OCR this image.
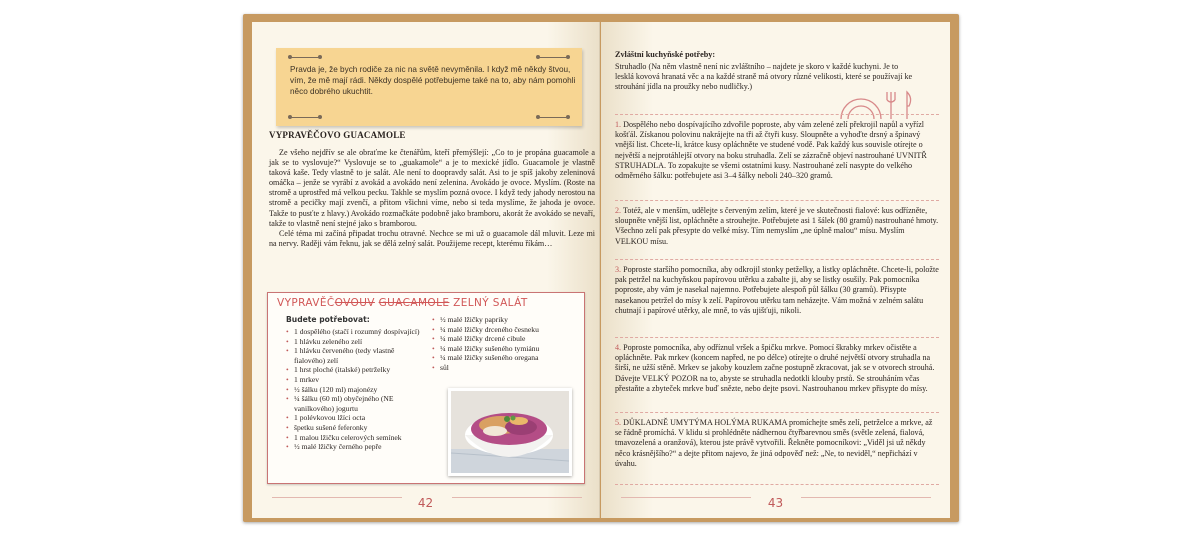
Pravda je, že bych rodiče za nic na světě nevyměnila. I když mě někdy štvou, vím, že mě mají rádi. Někdy dospělé potřebujeme také na to, aby nám pomohli něco dobrého ukuchtit.

VYPRAVĚČOVO GUACAMOLE

Ze všeho nejdřív se ale obraťme ke čtenářům, kteří přemýšlejí: „Co to je propána guacamole a jak se to vyslovuje?“ Vyslovuje se to „guakamole“ a je to mexické jídlo. Guacamole je vlastně taková kaše. Tedy vlastně to je salát. Ale není to doopravdy salát. Asi to je spíš jakoby zeleninová omáčka – jenže se vyrábí z avokád a avokádo není zelenina. Avokádo je ovoce. Myslím. (Roste na stromě a uprostřed má velkou pecku. Takhle se myslím pozná ovoce. I když tedy jahody nerostou na stromě a pecičky mají zvenčí, a přitom všichni víme, nebo si teda myslíme, že jahoda je ovoce. Takže to pusťte z hlavy.) Avokádo rozmačkáte podobně jako bramboru, akorát že avokádo se nevaří, takže to vlastně není stejné jako s bramborou.

Celé téma mi začíná připadat trochu otravné. Nechce se mi už o guacamole dál mluvit. Leze mi na nervy. Raději vám řeknu, jak se dělá zelný salát. Použijeme recept, kterému říkám…

VYPRAVĚČOVOUV GUACAMOLE ZELNÝ SALÁT
Budete potřebovat:
• 1 dospělého (stačí i rozumný dospívající)
• 1 hlávku zeleného zelí
• 1 hlávku červeného (tedy vlastně fialového) zelí
• 1 hrst ploché (italské) petrželky
• 1 mrkev
• ½ šálku (120 ml) majonézy
• ¼ šálku (60 ml) obyčejného (NE vanilkového) jogurtu
• 1 polévkovou lžíci octa
• špetku sušené feferonky
• 1 malou lžičku celerových semínek
• ½ malé lžičky černého pepře
• ½ malé lžičky papriky
• ¼ malé lžičky drceného česneku
• ¼ malé lžičky drcené cibule
• ¼ malé lžičky sušeného tymiánu
• ¼ malé lžičky sušeného oregana
• sůl
42
Zvláštní kuchyňské potřeby:
Struhadlo (Na něm vlastně není nic zvláštního – najdete je skoro v každé kuchyni. Je to lesklá kovová hranatá věc a na každé straně má otvory různé velikosti, které se používají ke strouhání jídla na proužky nebo nudličky.)
1. Dospělého nebo dospívajícího zdvořile poproste, aby vám zelené zelí překrojil napůl a vyřízl košťál. Získanou polovinu nakrájejte na tři až čtyři kusy. Sloupněte a vyhoďte drsný a špinavý vnější list. Chcete-li, krátce kusy opláchněte ve studené vodě. Pak každý kus souvisle otírejte o největší a nejprotáhlejší otvory na boku struhadla. Zelí se zázračně objeví nastrouhané UVNITŘ STRUHADLA. To zopakujte se všemi ostatními kusy. Nastrouhané zelí nasypte do velkého odměrného šálku: potřebujete asi 3–4 šálky neboli 240–320 gramů.
2. Totéž, ale v menším, udělejte s červeným zelím, které je ve skutečnosti fialové: kus odřízněte, sloupněte vnější list, opláchněte a strouhejte. Potřebujete asi 1 šálek (80 gramů) nastrouhané hmoty. Všechno zelí pak přesypte do velké mísy. Tím nemyslím „ne úplně malou“ mísu. Myslím VELKOU mísu.
3. Poproste staršího pomocníka, aby odkrojil stonky petželky, a listky opláchněte. Chcete-li, položte pak petržel na kuchyňskou papírovou utěrku a zabalte ji, aby se listky osušily. Pak pomocníka poproste, aby vám je nasekal najemno. Potřebujete alespoň půl šálku (30 gramů). Přisypte nasekanou petržel do mísy k zelí. Papírovou utěrku tam neházejte. Vám možná v zelném salátu chutnají i papírové utěrky, ale mně, to vás ujišťuji, nikoli.
4. Poproste pomocníka, aby odříznul vršek a špičku mrkve. Pomocí škrabky mrkev očistěte a opláchněte. Pak mrkev (koncem napřed, ne po délce) otírejte o druhé největší otvory struhadla na širší, ne užší stěně. Mrkev se jakoby kouzlem začne postupně zkracovat, jak se v otvorech strouhá. Dávejte VELKÝ POZOR na to, abyste se struhadla nedotkli klouby prstů. Se strouháním včas přestaňte a zbyteček mrkve buď snězte, nebo dejte psovi. Nastrouhanou mrkev přisypte do mísy.
5. DŮKLADNĚ UMYTÝMA HOLÝMA RUKAMA promíchejte směs zelí, petrželce a mrkve, až se řádně promíchá. V klidu si prohlédněte nádhernou čtyřbarevnou směs (světle zelená, fialová, tmavozelená a oranžová), kterou jste právě vytvořili. Řekněte pomocníkovi: „Viděl jsi už někdy něco krásnějšího?“ a dejte přitom najevo, že jiná odpověď než: „Ne, to neviděl,“ nepřichází v úvahu.
43
